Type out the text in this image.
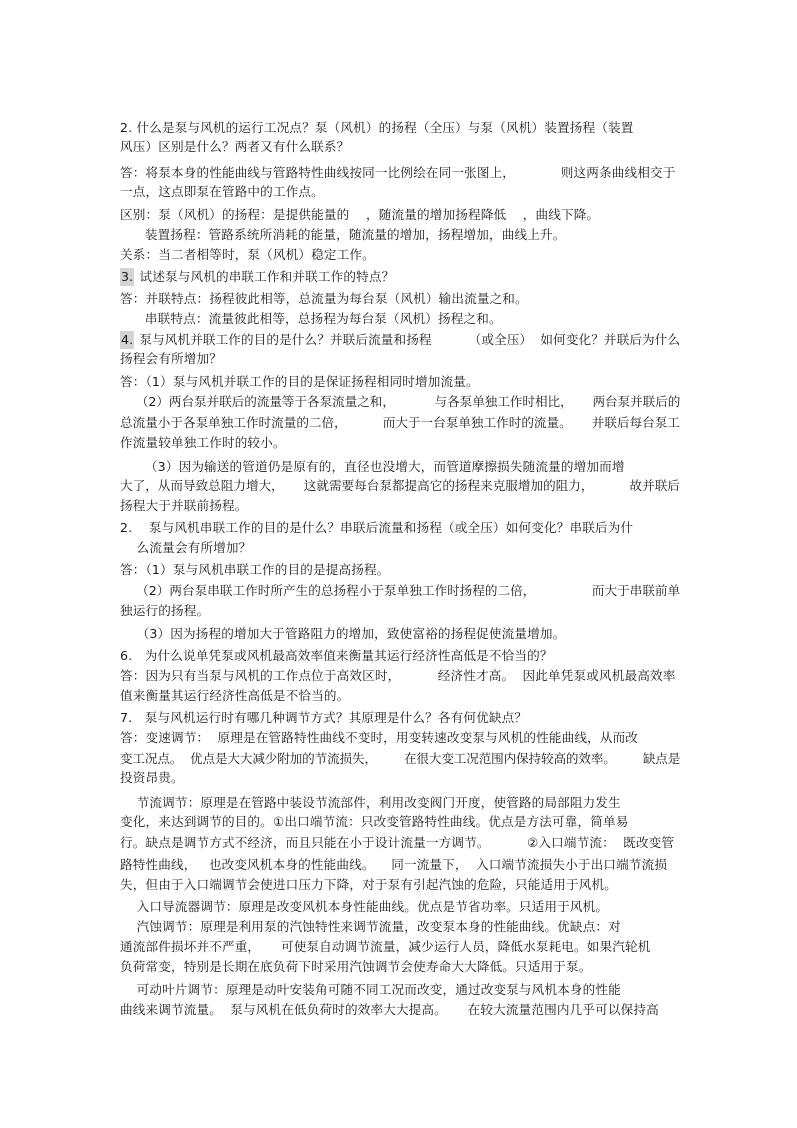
2. 什么是泵与风机的运行工况点？泵（风机）的扬程（全压）与泵（风机）装置扬程（装置
风压）区别是什么？两者又有什么联系？
答：将泵本身的性能曲线与管路特性曲线按同一比例绘在同一张图上，           则这两条曲线相交于
一点，这点即泵在管路中的工作点。
区别：泵（风机）的扬程：是提供能量的    ，随流量的增加扬程降低    ，曲线下降。
装置扬程：管路系统所消耗的能量，随流量的增加，扬程增加，曲线上升。
关系：当二者相等时，泵（风机）稳定工作。
3. 试述泵与风机的串联工作和并联工作的特点？
答：并联特点：扬程彼此相等，总流量为每台泵（风机）输出流量之和。
串联特点：流量彼此相等，总扬程为每台泵（风机）扬程之和。
4. 泵与风机并联工作的目的是什么？并联后流量和扬程         （或全压）  如何变化？并联后为什么
扬程会有所增加？
答：（1）泵与风机并联工作的目的是保证扬程相同时增加流量。
（2）两台泵并联后的流量等于各泵流量之和，          与各泵单独工作时相比，     两台泵并联后的
总流量小于各泵单独工作时流量的二倍，         而大于一台泵单独工作时的流量。     并联后每台泵工
作流量较单独工作时的较小。
（3）因为输送的管道仍是原有的，直径也没增大，而管道摩擦损失随流量的增加而增
大了，从而导致总阻力增大，     这就需要每台泵都提高它的扬程来克服增加的阻力，         故并联后
扬程大于并联前扬程。
2.    泵与风机串联工作的目的是什么？串联后流量和扬程（或全压）如何变化？串联后为什
么流量会有所增加？
答：（1）泵与风机串联工作的目的是提高扬程。
（2）两台泵串联工作时所产生的总扬程小于泵单独工作时扬程的二倍，              而大于串联前单
独运行的扬程。
（3）因为扬程的增加大于管路阻力的增加，致使富裕的扬程促使流量增加。
6.   为什么说单凭泵或风机最高效率值来衡量其运行经济性高低是不恰当的？
答：因为只有当泵与风机的工作点位于高效区时，         经济性才高。  因此单凭泵或风机最高效率
值来衡量其运行经济性高低是不恰当的。
7.   泵与风机运行时有哪几种调节方式？其原理是什么？各有何优缺点？
答：变速调节：  原理是在管路特性曲线不变时，用变转速改变泵与风机的性能曲线，从而改
变工况点。  优点是大大减少附加的节流损失，       在很大变工况范围内保持较高的效率。       缺点是
投资昂贵。
节流调节：原理是在管路中装设节流部件，利用改变阀门开度，使管路的局部阻力发生
变化，来达到调节的目的。①出口端节流：只改变管路特性曲线。优点是方法可靠，简单易
行。缺点是调节方式不经济，而且只能在小于设计流量一方调节。         ②入口端节流：  既改变管
路特性曲线，   也改变风机本身的性能曲线。    同一流量下，  入口端节流损失小于出口端节流损
失，但由于入口端调节会使进口压力下降，对于泵有引起汽蚀的危险，只能适用于风机。
入口导流器调节：原理是改变风机本身性能曲线。优点是节省功率。只适用于风机。
汽蚀调节：原理是利用泵的汽蚀特性来调节流量，改变泵本身的性能曲线。优缺点：对
通流部件损坏并不严重，     可使泵自动调节流量，减少运行人员，降低水泵耗电。如果汽轮机
负荷常变，特别是长期在底负荷下时采用汽蚀调节会使寿命大大降低。只适用于泵。
可动叶片调节：原理是动叶安装角可随不同工况而改变，通过改变泵与风机本身的性能
曲线来调节流量。  泵与风机在低负荷时的效率大大提高。     在较大流量范围内几乎可以保持高
